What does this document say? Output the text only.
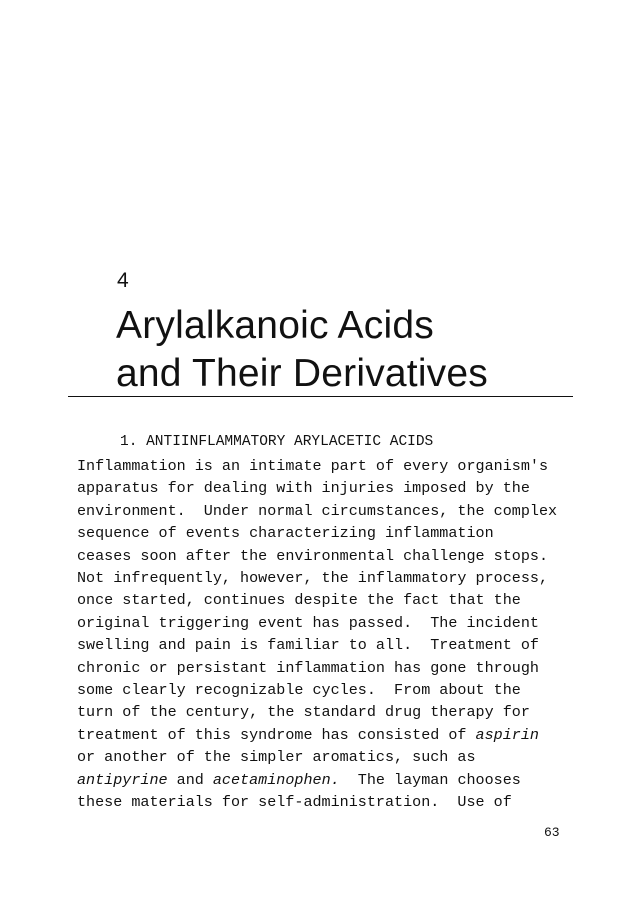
4
Arylalkanoic Acids
and Their Derivatives
1. ANTIINFLAMMATORY ARYLACETIC ACIDS

Inflammation is an intimate part of every organism's
apparatus for dealing with injuries imposed by the
environment.  Under normal circumstances, the complex
sequence of events characterizing inflammation
ceases soon after the environmental challenge stops.
Not infrequently, however, the inflammatory process,
once started, continues despite the fact that the
original triggering event has passed.  The incident
swelling and pain is familiar to all.  Treatment of
chronic or persistant inflammation has gone through
some clearly recognizable cycles.  From about the
turn of the century, the standard drug therapy for
treatment of this syndrome has consisted of aspirin
or another of the simpler aromatics, such as
antipyrine and acetaminophen.  The layman chooses
these materials for self-administration.  Use of

63
